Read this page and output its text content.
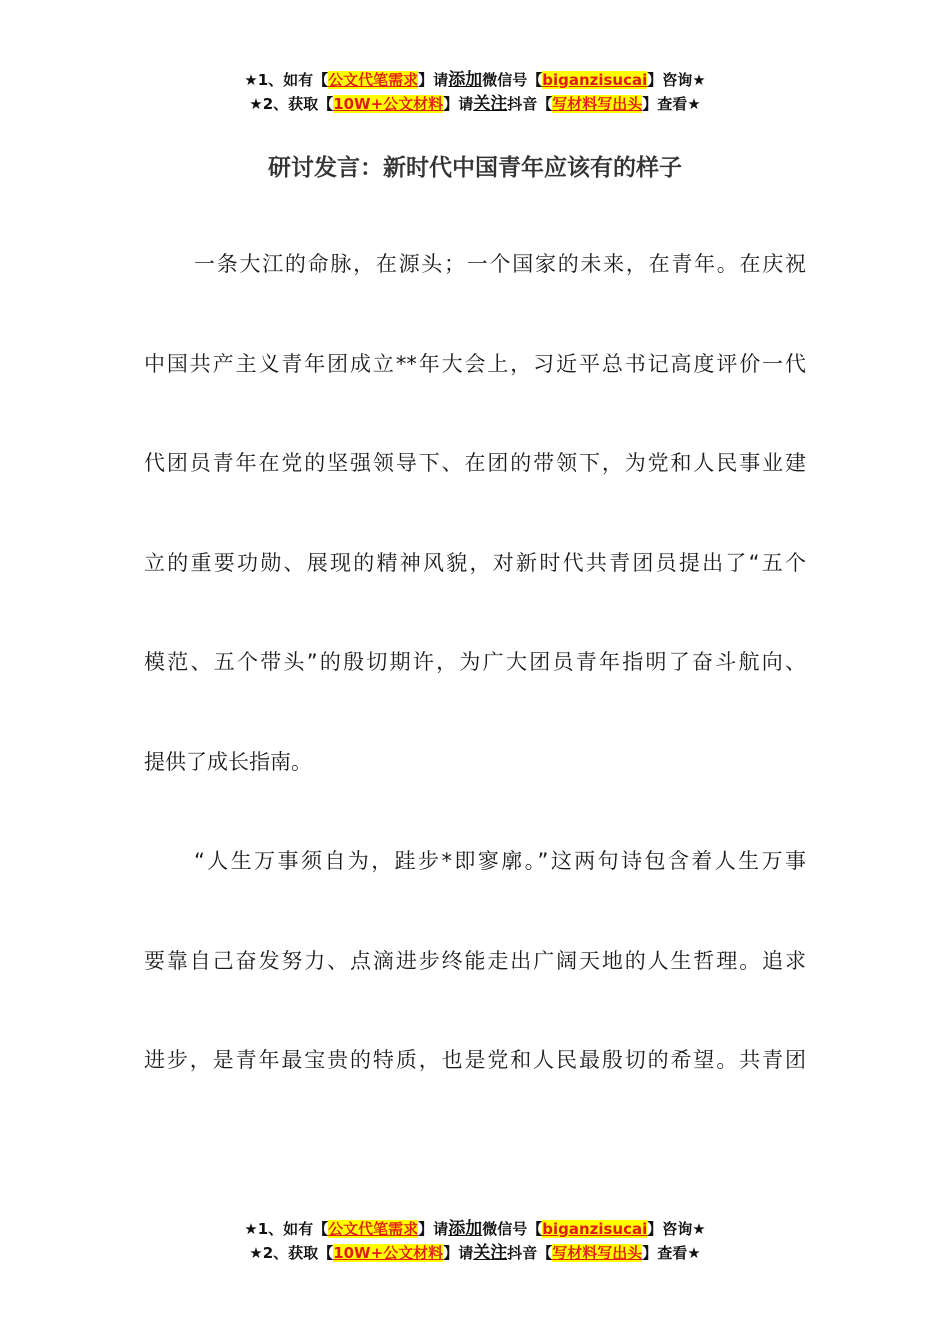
★1、如有【公文代笔需求】请添加微信号【biganzisucai】咨询★
★2、获取【10W+公文材料】请关注抖音【写材料写出头】查看★
研讨发言：新时代中国青年应该有的样子
一条大江的命脉，在源头；一个国家的未来，在青年。在庆祝
中国共产主义青年团成立**年大会上，习近平总书记高度评价一代
代团员青年在党的坚强领导下、在团的带领下，为党和人民事业建
立的重要功勋、展现的精神风貌，对新时代共青团员提出了“五个
模范、五个带头”的殷切期许，为广大团员青年指明了奋斗航向、
提供了成长指南。
“人生万事须自为，跬步*即寥廓。”这两句诗包含着人生万事
要靠自己奋发努力、点滴进步终能走出广阔天地的人生哲理。追求
进步，是青年最宝贵的特质，也是党和人民最殷切的希望。共青团
★1、如有【公文代笔需求】请添加微信号【biganzisucai】咨询★
★2、获取【10W+公文材料】请关注抖音【写材料写出头】查看★
